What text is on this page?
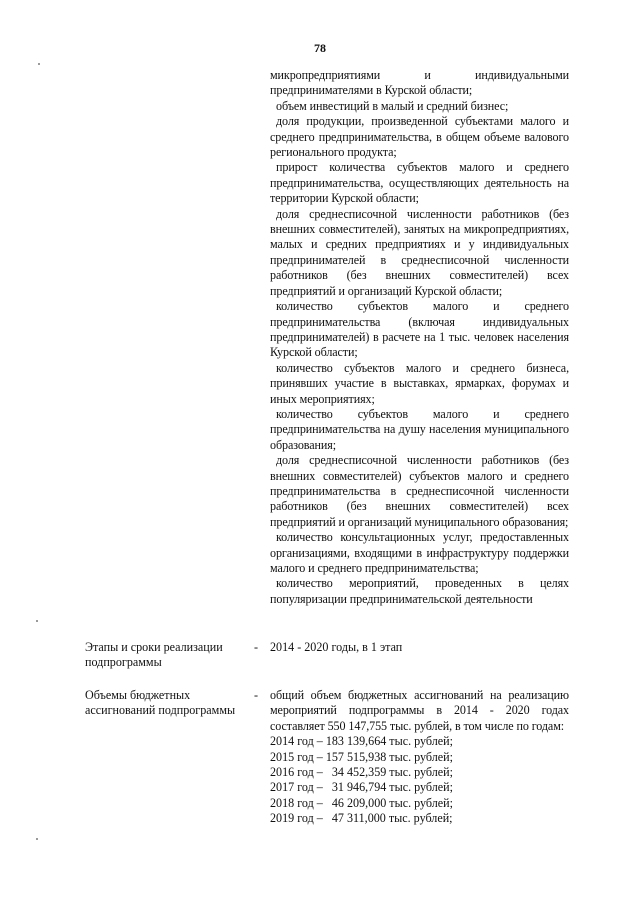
78

микропредприятиями и индивидуальными предпринимателями в Курской области;

объем инвестиций в малый и средний бизнес;

доля продукции, произведенной субъектами малого и среднего предпринимательства, в общем объеме валового регионального продукта;

прирост количества субъектов малого и среднего предпринимательства, осуществляющих деятельность на территории Курской области;

доля среднесписочной численности работников (без внешних совместителей), занятых на микропредприятиях, малых и средних предприятиях и у индивидуальных предпринимателей в среднесписочной численности работников (без внешних совместителей) всех предприятий и организаций Курской области;

количество субъектов малого и среднего предпринимательства (включая индивидуальных предпринимателей) в расчете на 1 тыс. человек населения Курской области;

количество субъектов малого и среднего бизнеса, принявших участие в выставках, ярмарках, форумах и иных мероприятиях;

количество субъектов малого и среднего предпринимательства на душу населения муниципального образования;

доля среднесписочной численности работников (без внешних совместителей) субъектов малого и среднего предпринимательства в среднесписочной численности работников (без внешних совместителей) всех предприятий и организаций муниципального образования;

количество консультационных услуг, предоставленных организациями, входящими в инфраструктуру поддержки малого и среднего предпринимательства;

количество мероприятий, проведенных в целях популяризации предпринимательской деятельности

Этапы и сроки реализации подпрограммы
- 2014 - 2020 годы, в 1 этап
Объемы бюджетных ассигнований подпрограммы
- общий объем бюджетных ассигнований на реализацию мероприятий подпрограммы в 2014 - 2020 годах составляет 550 147,755 тыс. рублей, в том числе по годам:

2014 год – 183 139,664 тыс. рублей;

2015 год – 157 515,938 тыс. рублей;

2016 год –   34 452,359 тыс. рублей;

2017 год –   31 946,794 тыс. рублей;

2018 год –   46 209,000 тыс. рублей;

2019 год –   47 311,000 тыс. рублей;
